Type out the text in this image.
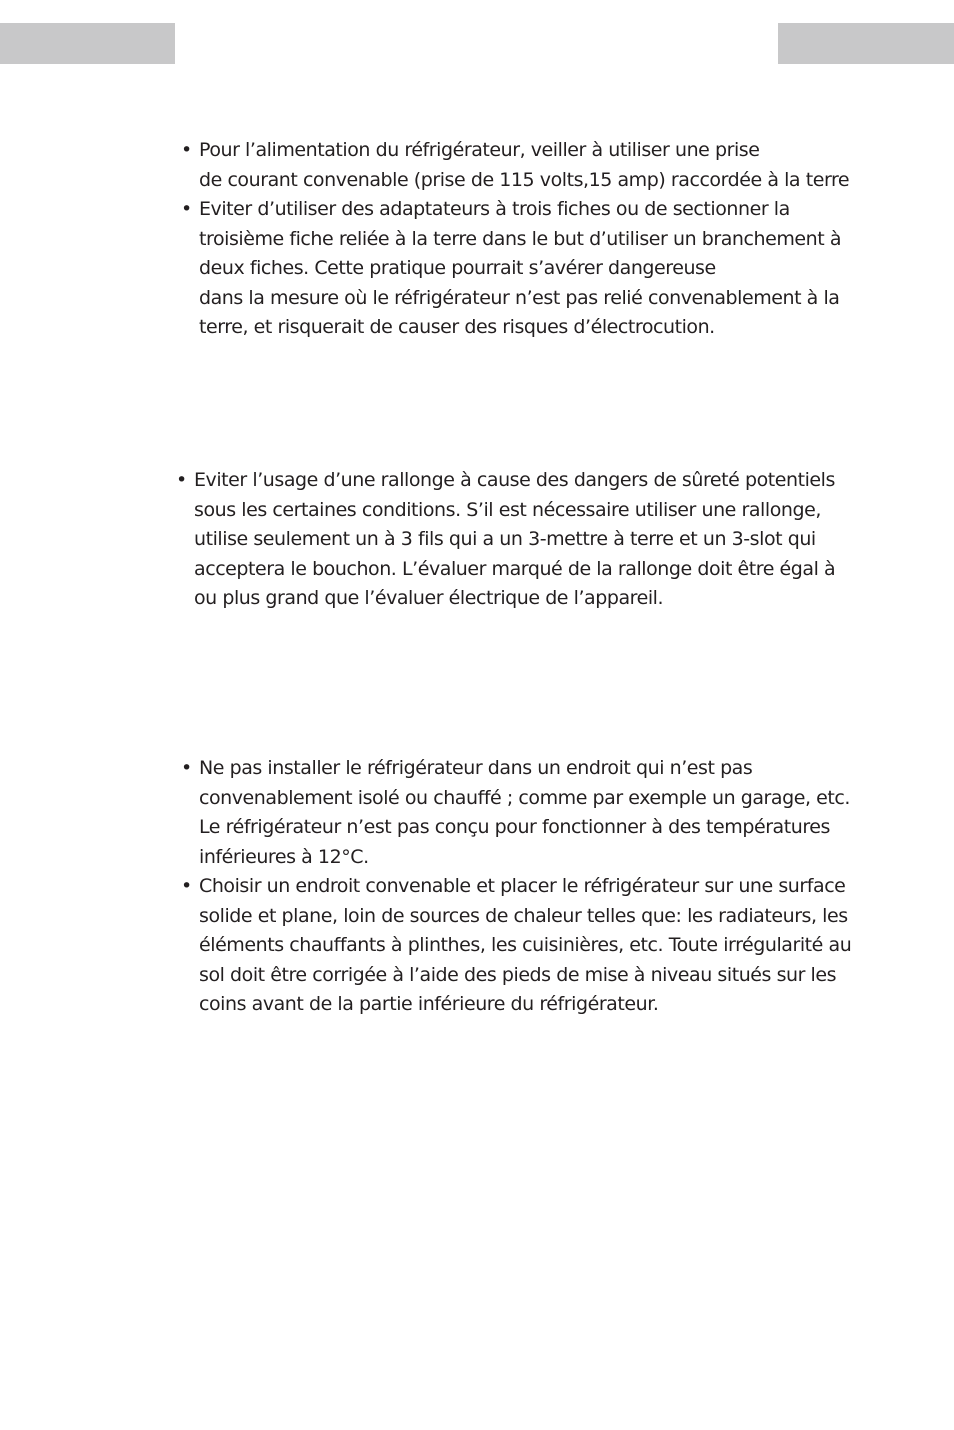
• Pour l’alimentation du réfrigérateur, veiller à utiliser une prise
de courant convenable (prise de 115 volts,15 amp) raccordée à la terre
• Eviter d’utiliser des adaptateurs à trois fiches ou de sectionner la
troisième fiche reliée à la terre dans le but d’utiliser un branchement à
deux fiches. Cette pratique pourrait s’avérer dangereuse
dans la mesure où le réfrigérateur n’est pas relié convenablement à la
terre, et risquerait de causer des risques d’électrocution.
• Eviter l’usage d’une rallonge à cause des dangers de sûreté potentiels
sous les certaines conditions. S’il est nécessaire utiliser une rallonge,
utilise seulement un à 3 fils qui a un 3-mettre à terre et un 3-slot qui
acceptera le bouchon. L’évaluer marqué de la rallonge doit être égal à
ou plus grand que l’évaluer électrique de l’appareil.
• Ne pas installer le réfrigérateur dans un endroit qui n’est pas
convenablement isolé ou chauffé ; comme par exemple un garage, etc.
Le réfrigérateur n’est pas conçu pour fonctionner à des températures
inférieures à 12°C.
• Choisir un endroit convenable et placer le réfrigérateur sur une surface
solide et plane, loin de sources de chaleur telles que: les radiateurs, les
éléments chauffants à plinthes, les cuisinières, etc. Toute irrégularité au
sol doit être corrigée à l’aide des pieds de mise à niveau situés sur les
coins avant de la partie inférieure du réfrigérateur.
